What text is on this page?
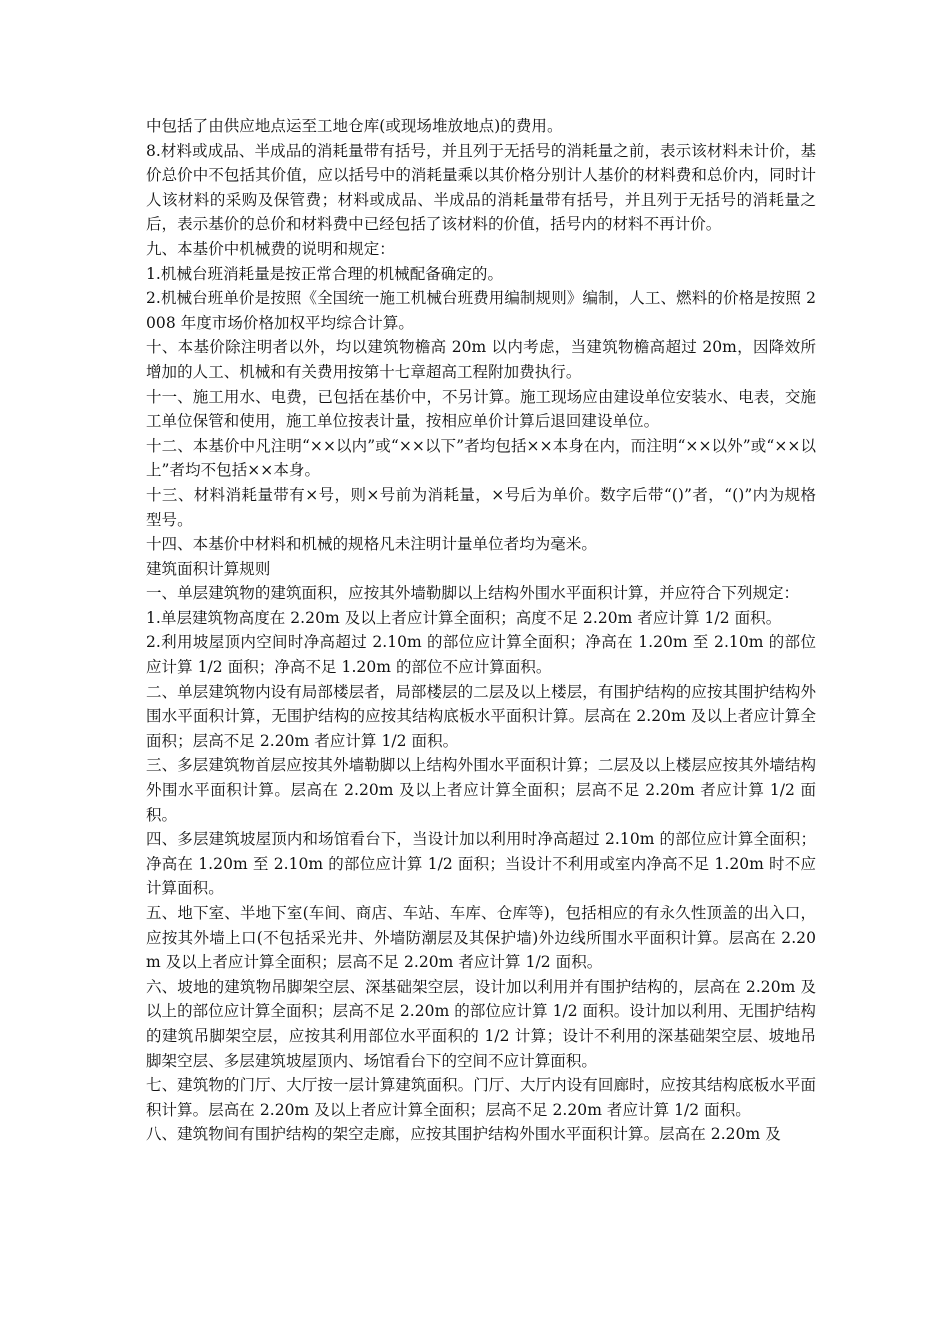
中包括了由供应地点运至工地仓库(或现场堆放地点)的费用。

8.材料或成品、半成品的消耗量带有括号，并且列于无括号的消耗量之前，表示该材料未计价，基价总价中不包括其价值，应以括号中的消耗量乘以其价格分别计人基价的材料费和总价内，同时计人该材料的采购及保管费；材料或成品、半成品的消耗量带有括号，并且列于无括号的消耗量之后，表示基价的总价和材料费中已经包括了该材料的价值，括号内的材料不再计价。

九、本基价中机械费的说明和规定：

1.机械台班消耗量是按正常合理的机械配备确定的。

2.机械台班单价是按照《全国统一施工机械台班费用编制规则》编制，人工、燃料的价格是按照 2008 年度市场价格加权平均综合计算。

十、本基价除注明者以外，均以建筑物檐高 20m 以内考虑，当建筑物檐高超过 20m，因降效所增加的人工、机械和有关费用按第十七章超高工程附加费执行。

十一、施工用水、电费，已包括在基价中，不另计算。施工现场应由建设单位安装水、电表，交施工单位保管和使用，施工单位按表计量，按相应单价计算后退回建设单位。

十二、本基价中凡注明“××以内”或“××以下”者均包括××本身在内，而注明“××以外”或“××以上”者均不包括××本身。

十三、材料消耗量带有×号，则×号前为消耗量，×号后为单价。数字后带“()”者，“()”内为规格型号。

十四、本基价中材料和机械的规格凡未注明计量单位者均为毫米。

建筑面积计算规则

一、单层建筑物的建筑面积，应按其外墙勒脚以上结构外围水平面积计算，并应符合下列规定：

1.单层建筑物高度在 2.20m 及以上者应计算全面积；高度不足 2.20m 者应计算 1/2 面积。

2.利用坡屋顶内空间时净高超过 2.10m 的部位应计算全面积；净高在 1.20m 至 2.10m 的部位应计算 1/2 面积；净高不足 1.20m 的部位不应计算面积。

二、单层建筑物内设有局部楼层者，局部楼层的二层及以上楼层，有围护结构的应按其围护结构外围水平面积计算，无围护结构的应按其结构底板水平面积计算。层高在 2.20m 及以上者应计算全面积；层高不足 2.20m 者应计算 1/2 面积。

三、多层建筑物首层应按其外墙勒脚以上结构外围水平面积计算；二层及以上楼层应按其外墙结构外围水平面积计算。层高在 2.20m 及以上者应计算全面积；层高不足 2.20m 者应计算 1/2 面积。

四、多层建筑坡屋顶内和场馆看台下，当设计加以利用时净高超过 2.10m 的部位应计算全面积；净高在 1.20m 至 2.10m 的部位应计算 1/2 面积；当设计不利用或室内净高不足 1.20m 时不应计算面积。

五、地下室、半地下室(车间、商店、车站、车库、仓库等)，包括相应的有永久性顶盖的出入口，应按其外墙上口(不包括采光井、外墙防潮层及其保护墙)外边线所围水平面积计算。层高在 2.20m 及以上者应计算全面积；层高不足 2.20m 者应计算 1/2 面积。

六、坡地的建筑物吊脚架空层、深基础架空层，设计加以利用并有围护结构的，层高在 2.20m 及以上的部位应计算全面积；层高不足 2.20m 的部位应计算 1/2 面积。设计加以利用、无围护结构的建筑吊脚架空层，应按其利用部位水平面积的 1/2 计算；设计不利用的深基础架空层、坡地吊脚架空层、多层建筑坡屋顶内、场馆看台下的空间不应计算面积。

七、建筑物的门厅、大厅按一层计算建筑面积。门厅、大厅内设有回廊时，应按其结构底板水平面积计算。层高在 2.20m 及以上者应计算全面积；层高不足 2.20m 者应计算 1/2 面积。

八、建筑物间有围护结构的架空走廊，应按其围护结构外围水平面积计算。层高在 2.20m 及
